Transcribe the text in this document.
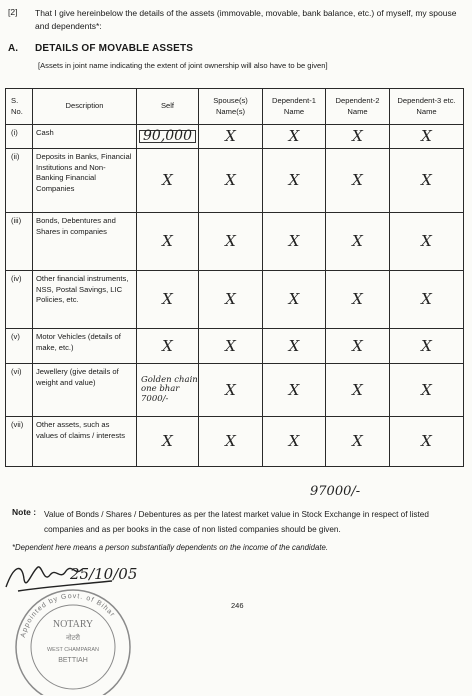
[2] That I give hereinbelow the details of the assets (immovable, movable, bank balance, etc.) of myself, my spouse and dependents*:
A. DETAILS OF MOVABLE ASSETS
[Assets in joint name indicating the extent of joint ownership will also have to be given]
S. No.	Description	Self	Spouse(s) Name(s)	Dependent-1 Name	Dependent-2 Name	Dependent-3 etc. Name
(i)	Cash	90,000	X	X	X	X
(ii)	Deposits in Banks, Financial Institutions and Non-Banking Financial Companies	X	X	X	X	X
(iii)	Bonds, Debentures and Shares in companies	X	X	X	X	X
(iv)	Other financial instruments, NSS, Postal Savings, LIC Policies, etc.	X	X	X	X	X
(v)	Motor Vehicles (details of make, etc.)	X	X	X	X	X
(vi)	Jewellery (give details of weight and value)	Golden chain one bhar 7000/-	X	X	X	X
(vii)	Other assets, such as values of claims / interests	X	X	X	X	X
97000/-
Note : Value of Bonds / Shares / Debentures as per the latest market value in Stock Exchange in respect of listed companies and as per books in the case of non listed companies should be given.
*Dependent here means a person substantially dependents on the income of the candidate.
25/10/05
Appointed by Govt. of Bihar
NOTARY
नोटरी
WEST CHAMPARAN
BETTIAH
246
